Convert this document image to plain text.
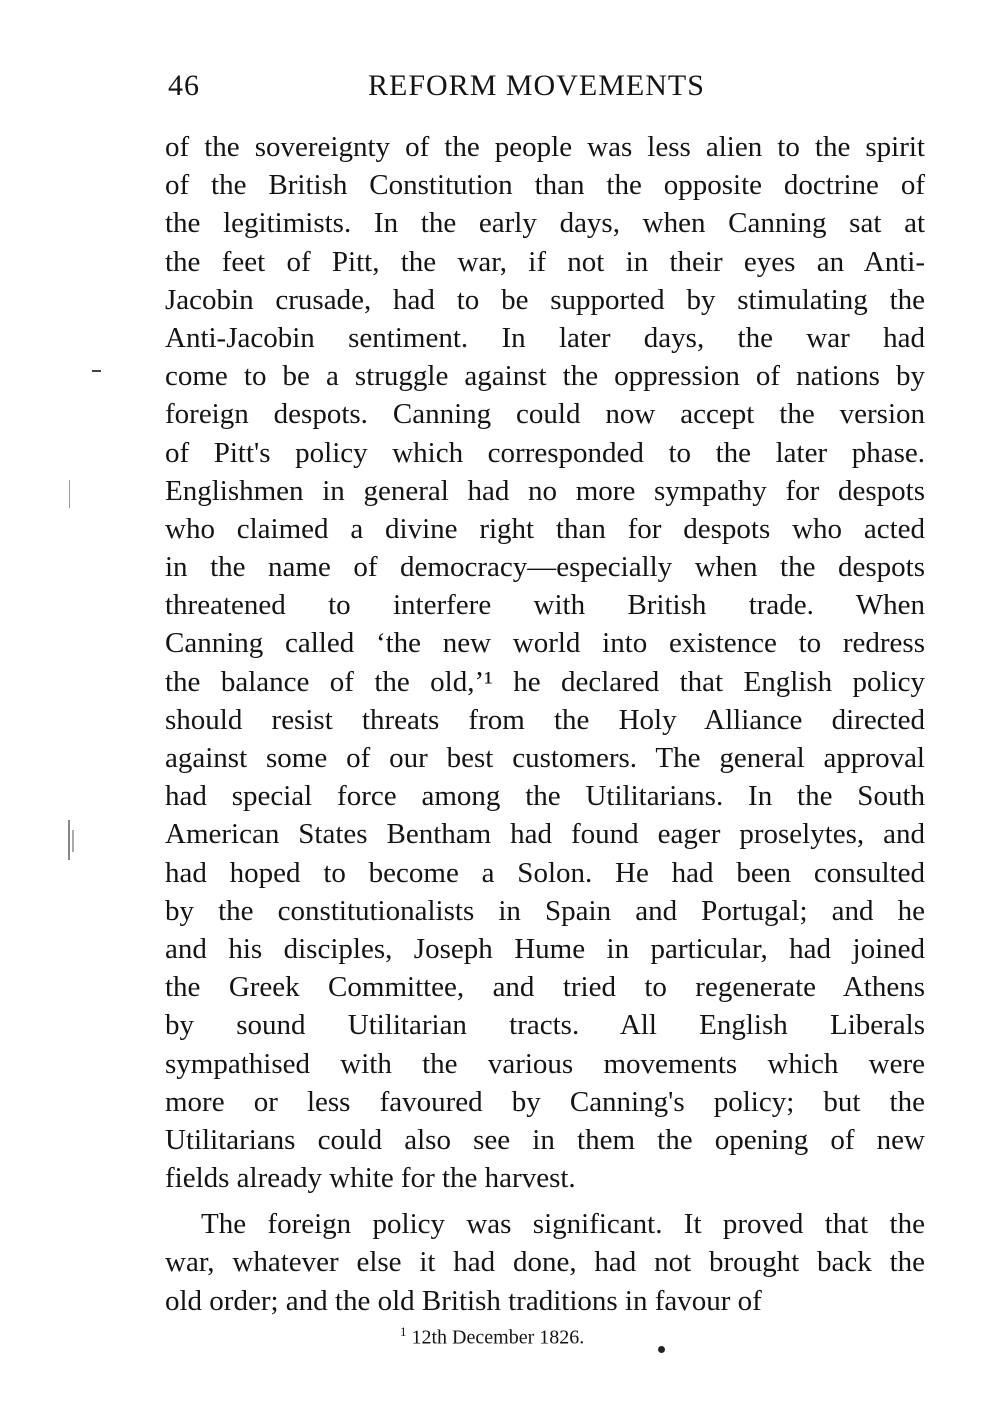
46	REFORM MOVEMENTS
of the sovereignty of the people was less alien to the spirit
of the British Constitution than the opposite doctrine of
the legitimists. In the early days, when Canning sat at
the feet of Pitt, the war, if not in their eyes an Anti-
Jacobin crusade, had to be supported by stimulating the
Anti-Jacobin sentiment. In later days, the war had
come to be a struggle against the oppression of nations by
foreign despots. Canning could now accept the version
of Pitt's policy which corresponded to the later phase.
Englishmen in general had no more sympathy for despots
who claimed a divine right than for despots who acted
in the name of democracy—especially when the despots
threatened to interfere with British trade. When
Canning called ‘the new world into existence to redress
the balance of the old,’¹ he declared that English policy
should resist threats from the Holy Alliance directed
against some of our best customers. The general approval
had special force among the Utilitarians. In the South
American States Bentham had found eager proselytes, and
had hoped to become a Solon. He had been consulted
by the constitutionalists in Spain and Portugal; and he
and his disciples, Joseph Hume in particular, had joined
the Greek Committee, and tried to regenerate Athens
by sound Utilitarian tracts. All English Liberals
sympathised with the various movements which were
more or less favoured by Canning's policy; but the
Utilitarians could also see in them the opening of new
fields already white for the harvest.
The foreign policy was significant. It proved that the
war, whatever else it had done, had not brought back the
old order; and the old British traditions in favour of
$^1$ 12th December 1826.
